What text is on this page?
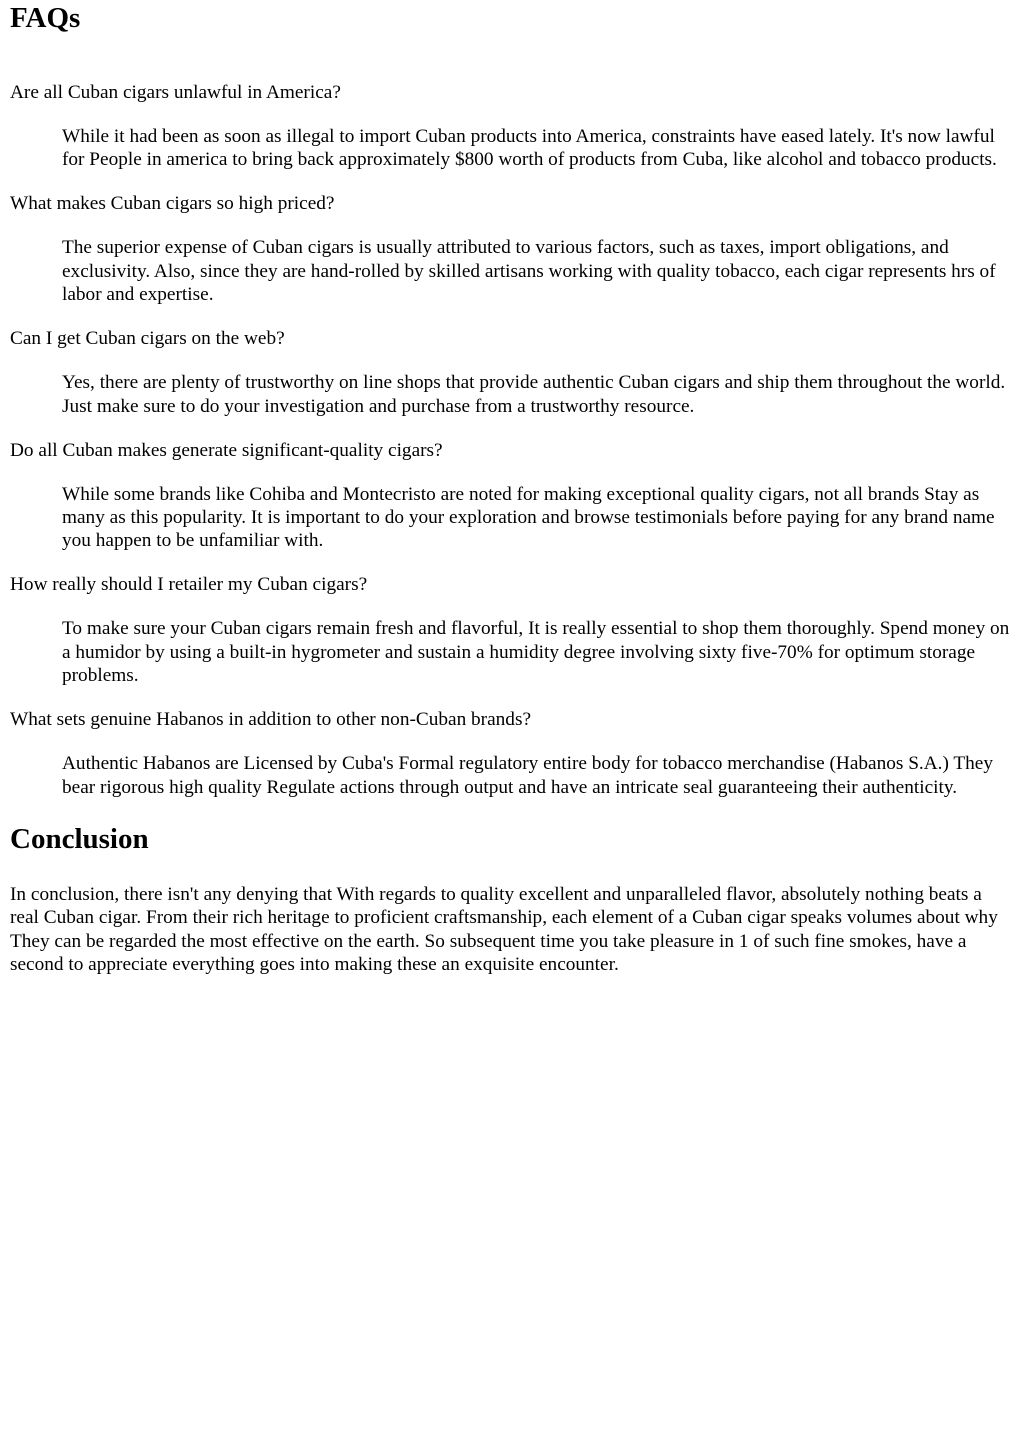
FAQs
Are all Cuban cigars unlawful in America?
While it had been as soon as illegal to import Cuban products into America, constraints have eased lately. It's now lawful for People in america to bring back approximately $800 worth of products from Cuba, like alcohol and tobacco products.
What makes Cuban cigars so high priced?
The superior expense of Cuban cigars is usually attributed to various factors, such as taxes, import obligations, and exclusivity. Also, since they are hand-rolled by skilled artisans working with quality tobacco, each cigar represents hrs of labor and expertise.
Can I get Cuban cigars on the web?
Yes, there are plenty of trustworthy on line shops that provide authentic Cuban cigars and ship them throughout the world. Just make sure to do your investigation and purchase from a trustworthy resource.
Do all Cuban makes generate significant-quality cigars?
While some brands like Cohiba and Montecristo are noted for making exceptional quality cigars, not all brands Stay as many as this popularity. It is important to do your exploration and browse testimonials before paying for any brand name you happen to be unfamiliar with.
How really should I retailer my Cuban cigars?
To make sure your Cuban cigars remain fresh and flavorful, It is really essential to shop them thoroughly. Spend money on a humidor by using a built-in hygrometer and sustain a humidity degree involving sixty five-70% for optimum storage problems.
What sets genuine Habanos in addition to other non-Cuban brands?
Authentic Habanos are Licensed by Cuba's Formal regulatory entire body for tobacco merchandise (Habanos S.A.) They bear rigorous high quality Regulate actions through output and have an intricate seal guaranteeing their authenticity.
Conclusion

In conclusion, there isn't any denying that With regards to quality excellent and unparalleled flavor, absolutely nothing beats a real Cuban cigar. From their rich heritage to proficient craftsmanship, each element of a Cuban cigar speaks volumes about why They can be regarded the most effective on the earth. So subsequent time you take pleasure in 1 of such fine smokes, have a second to appreciate everything goes into making these an exquisite encounter.
